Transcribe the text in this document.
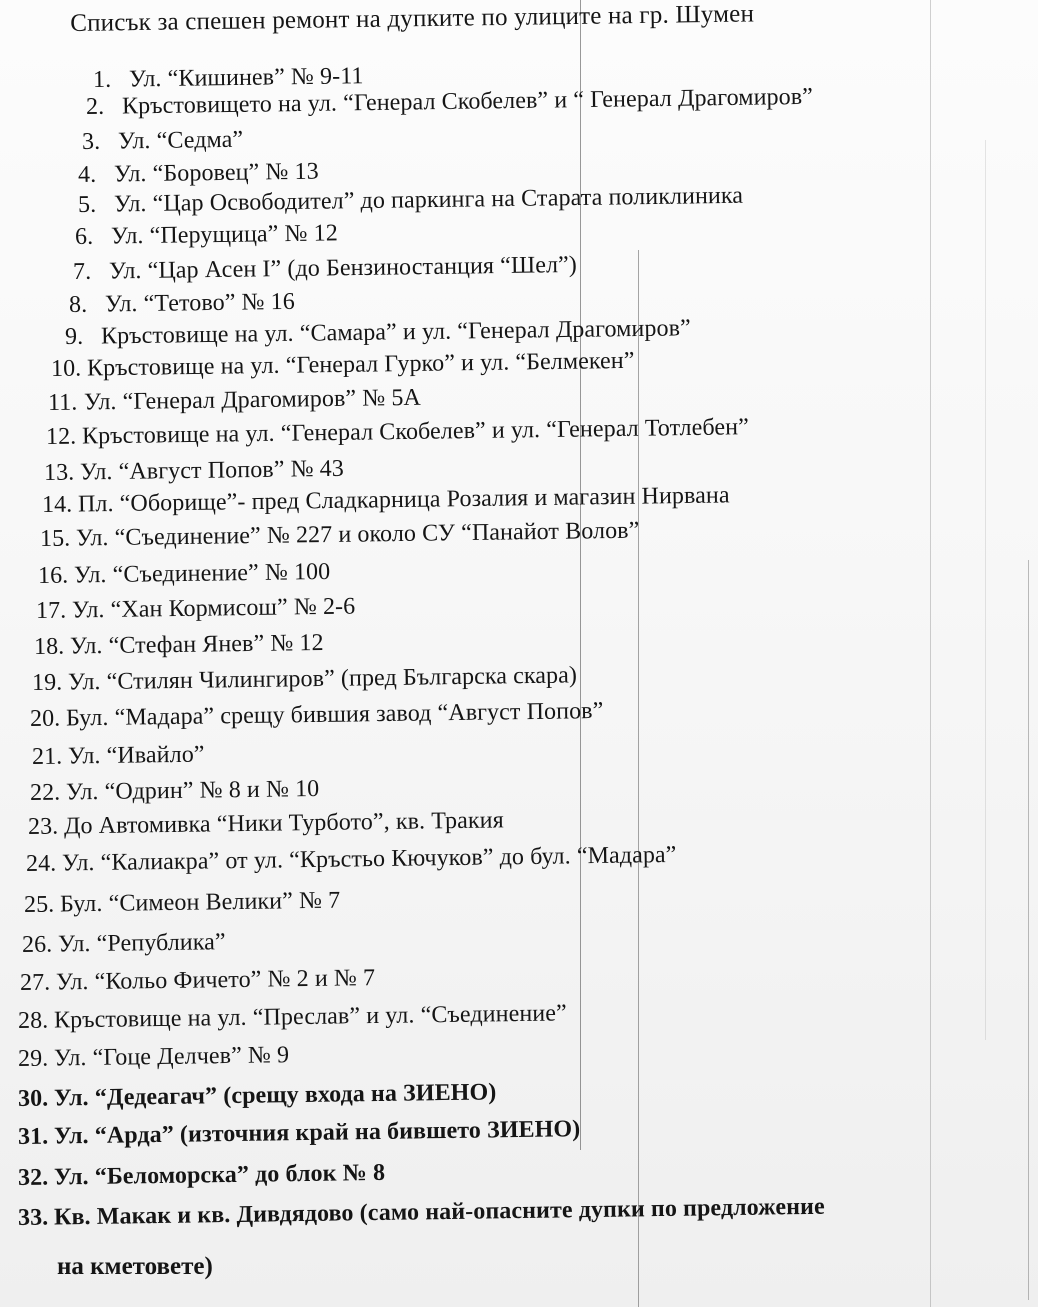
Списък за спешен ремонт на дупките по улиците на гр. Шумен
1. Ул. “Кишинев” № 9-11
2. Кръстовището на ул. “Генерал Скобелев” и “ Генерал Драгомиров”
3. Ул. “Седма”
4. Ул. “Боровец” № 13
5. Ул. “Цар Освободител” до паркинга на Старата поликлиника
6. Ул. “Перущица” № 12
7. Ул. “Цар Асен I” (до Бензиностанция “Шел”)
8. Ул. “Тетово” № 16
9. Кръстовище на ул. “Самара” и ул. “Генерал Драгомиров”
10. Кръстовище на ул. “Генерал Гурко” и ул. “Белмекен”
11. Ул. “Генерал Драгомиров” № 5А
12. Кръстовище на ул. “Генерал Скобелев” и ул. “Генерал Тотлебен”
13. Ул. “Август Попов” № 43
14. Пл. “Оборище”- пред Сладкарница Розалия и магазин Нирвана
15. Ул. “Съединение” № 227 и около СУ “Панайот Волов”
16. Ул. “Съединение” № 100
17. Ул. “Хан Кормисош” № 2-6
18. Ул. “Стефан Янев” № 12
19. Ул. “Стилян Чилингиров” (пред Българска скара)
20. Бул. “Мадара” срещу бившия завод “Август Попов”
21. Ул. “Ивайло”
22. Ул. “Одрин” № 8 и № 10
23. До Автомивка “Ники Турбото”, кв. Тракия
24. Ул. “Калиакра” от ул. “Кръстьо Кючуков” до бул. “Мадара”
25. Бул. “Симеон Велики” № 7
26. Ул. “Република”
27. Ул. “Кольо Фичето” № 2 и № 7
28. Кръстовище на ул. “Преслав” и ул. “Съединение”
29. Ул. “Гоце Делчев” № 9
30. Ул. “Дедеагач” (срещу входа на ЗИЕНО)
31. Ул. “Арда” (източния край на бившето ЗИЕНО)
32. Ул. “Беломорска” до блок № 8
33. Кв. Макак и кв. Дивдядово (само най-опасните дупки по предложение
на кметовете)
